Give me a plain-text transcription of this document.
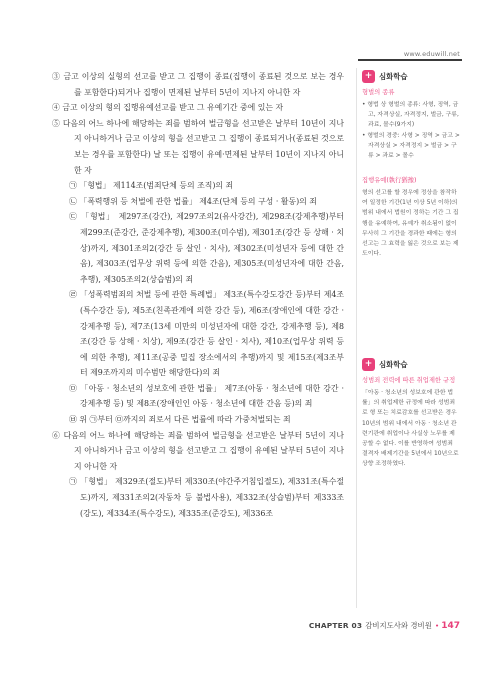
www.eduwill.net

③ 금고 이상의 실형의 선고를 받고 그 집행이 종료(집행이 종료된 것으로 보는 경우를 포함한다)되거나 집행이 면제된 날부터 5년이 지나지 아니한 자

④ 금고 이상의 형의 집행유예선고를 받고 그 유예기간 중에 있는 자

⑤ 다음의 어느 하나에 해당하는 죄를 범하여 벌금형을 선고받은 날부터 10년이 지나지 아니하거나 금고 이상의 형을 선고받고 그 집행이 종료되거나(종료된 것으로 보는 경우를 포함한다) 날 또는 집행이 유예·면제된 날부터 10년이 지나지 아니한 자

㉠ 「형법」 제114조(범죄단체 등의 조직)의 죄

㉡ 「폭력행위 등 처벌에 관한 법률」 제4조(단체 등의 구성 · 활동)의 죄

㉢ 「형법」 제297조(강간), 제297조의2(유사강간), 제298조(강제추행)부터 제299조(준강간, 준강제추행), 제300조(미수범), 제301조(강간 등 상해 · 치상)까지, 제301조의2(강간 등 살인 · 치사), 제302조(미성년자 등에 대한 간음), 제303조(업무상 위력 등에 의한 간음), 제305조(미성년자에 대한 간음, 추행), 제305조의2(상습범)의 죄

㉣ 「성폭력범죄의 처벌 등에 관한 특례법」 제3조(특수강도강간 등)부터 제4조(특수강간 등), 제5조(친족관계에 의한 강간 등), 제6조(장애인에 대한 강간 · 강제추행 등), 제7조(13세 미만의 미성년자에 대한 강간, 강제추행 등), 제8조(강간 등 상해 · 치상), 제9조(강간 등 살인 · 치사), 제10조(업무상 위력 등에 의한 추행), 제11조(공중 밀집 장소에서의 추행)까지 및 제15조(제3조부터 제9조까지의 미수범만 해당한다)의 죄

㉤ 「아동 · 청소년의 성보호에 관한 법률」 제7조(아동 · 청소년에 대한 강간 · 강제추행 등) 및 제8조(장애인인 아동 · 청소년에 대한 간음 등)의 죄

㉥ 위 ㉠부터 ㉤까지의 죄로서 다른 법률에 따라 가중처벌되는 죄

⑥ 다음의 어느 하나에 해당하는 죄를 범하여 벌금형을 선고받은 날부터 5년이 지나지 아니하거나 금고 이상의 형을 선고받고 그 집행이 유예된 날부터 5년이 지나지 아니한 자

㉠ 「형법」 제329조(절도)부터 제330조(야간주거침입절도), 제331조(특수절도)까지, 제331조의2(자동차 등 불법사용), 제332조(상습범)부터 제333조(강도), 제334조(특수강도), 제335조(준강도), 제336조

+ 심화학습
형벌의 종류
• 형법 상 형벌의 종류: 사형, 징역, 금고, 자격상실, 자격정지, 벌금, 구류, 과료, 몰수(9가지)
• 형벌의 경중: 사형 > 징역 > 금고 > 자격상실 > 자격정지 > 벌금 > 구류 > 과료 > 몰수
집행유예(執行猶豫)
형의 선고를 할 경우에 정상을 참작하여 일정한 기간(1년 이상 5년 이하)의 범위 내에서 법원이 정하는 기간 그 집행을 유예하여, 유예가 취소됨이 없이 무사히 그 기간을 경과한 때에는 형의 선고는 그 효력을 잃은 것으로 보는 제도이다.
+ 심화학습
성범죄 전력에 따른 취업제한 규정
「아동 · 청소년의 성보호에 관한 법률」의 취업제한 규정에 따라 성범죄로 형 또는 치료감호를 선고받은 경우 10년의 범위 내에서 아동 · 청소년 관련기관에 취업이나 사실상 노무를 제공할 수 없다. 이를 반영하여 성범죄 결격자 배제기간을 5년에서 10년으로 상향 조정하였다.
CHAPTER 03 감비지도사와 경비원 • 147
